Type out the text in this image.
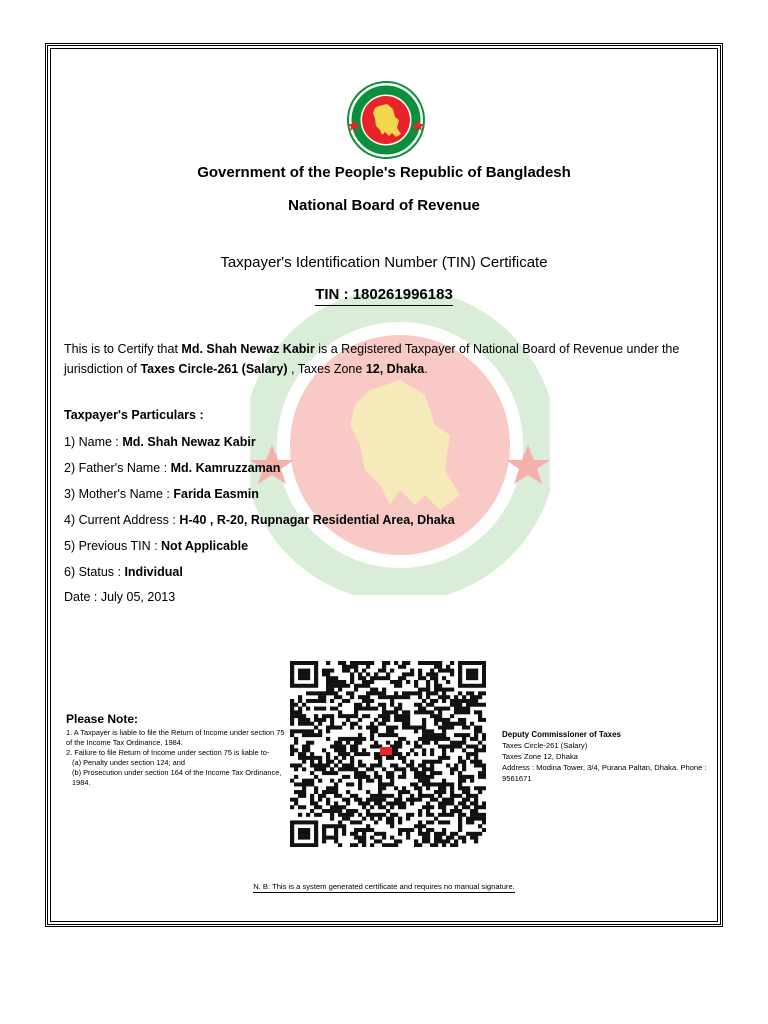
Government of the People's Republic of Bangladesh
National Board of Revenue
Taxpayer's Identification Number (TIN) Certificate
TIN : 180261996183
This is to Certify that Md. Shah Newaz Kabir is a Registered Taxpayer of National Board of Revenue under the jurisdiction of Taxes Circle-261 (Salary) , Taxes Zone 12, Dhaka.
Taxpayer's Particulars :
1) Name : Md. Shah Newaz Kabir
2) Father's Name : Md. Kamruzzaman
3) Mother's Name : Farida Easmin
4) Current Address : H-40 , R-20, Rupnagar Residential Area, Dhaka
5) Previous TIN : Not Applicable
6) Status : Individual
Date : July 05, 2013
Please Note:
1. A Taxpayer is liable to file the Return of Income under section 75 of the Income Tax Ordinance, 1984.
2. Failure to file Return of Income under section 75 is liable to-
(a) Penalty under section 124; and
(b) Prosecution under section 164 of the Income Tax Ordinance, 1984.
Deputy Commissioner of Taxes
Taxes Circle-261 (Salary)
Taxes Zone 12, Dhaka
Address : Modina Tower, 3/4, Purana Paltan, Dhaka. Phone : 9561671
N. B: This is a system generated certificate and requires no manual signature.
